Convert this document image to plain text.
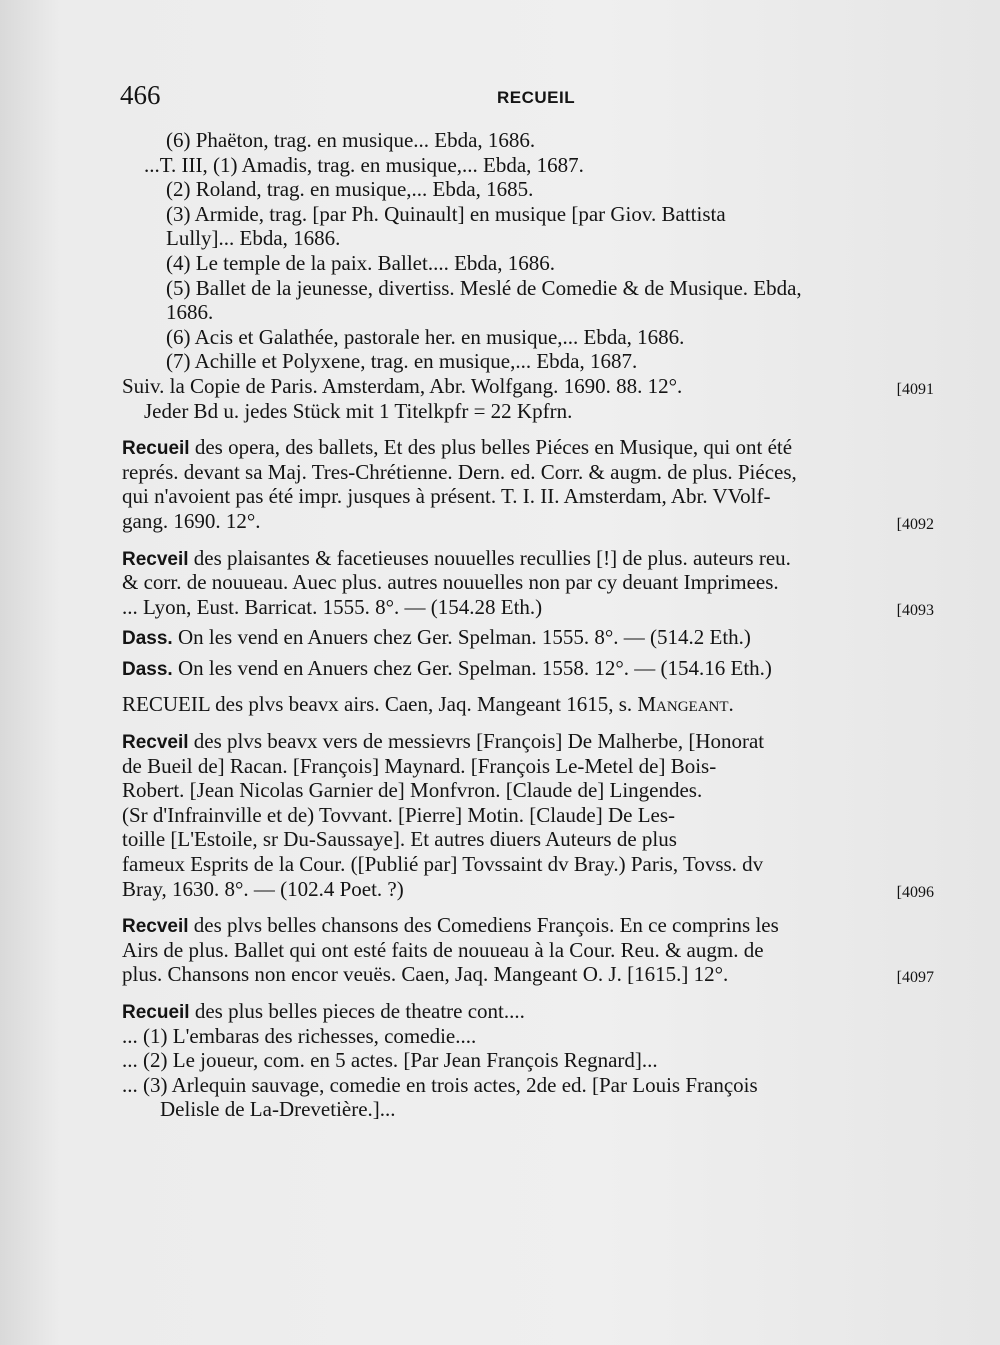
466	RECUEIL
(6) Phaëton, trag. en musique... Ebda, 1686.
...T. III, (1) Amadis, trag. en musique,... Ebda, 1687.
(2) Roland, trag. en musique,... Ebda, 1685.
(3) Armide, trag. [par Ph. Quinault] en musique [par Giov. Battista
Lully]... Ebda, 1686.
(4) Le temple de la paix. Ballet.... Ebda, 1686.
(5) Ballet de la jeunesse, divertiss. Meslé de Comedie & de Musique. Ebda,
1686.
(6) Acis et Galathée, pastorale her. en musique,... Ebda, 1686.
(7) Achille et Polyxene, trag. en musique,... Ebda, 1687.
Suiv. la Copie de Paris. Amsterdam, Abr. Wolfgang. 1690. 88. 12°.	[4091
Jeder Bd u. jedes Stück mit 1 Titelkpfr = 22 Kpfrn.
Recueil des opera, des ballets, Et des plus belles Piéces en Musique, qui ont été
représ. devant sa Maj. Tres-Chrétienne. Dern. ed. Corr. & augm. de plus. Piéces,
qui n'avoient pas été impr. jusques à présent. T. I. II. Amsterdam, Abr. VVolf-
gang. 1690. 12°.	[4092
Recveil des plaisantes & facetieuses nouuelles recullies [!] de plus. auteurs reu.
& corr. de nouueau. Auec plus. autres nouuelles non par cy deuant Imprimees.
... Lyon, Eust. Barricat. 1555. 8°. — (154.28 Eth.)	[4093
Dass. On les vend en Anuers chez Ger. Spelman. 1555. 8°. — (514.2 Eth.)
Dass. On les vend en Anuers chez Ger. Spelman. 1558. 12°. — (154.16 Eth.)
RECUEIL des plvs beavx airs. Caen, Jaq. Mangeant 1615, s. Mangeant.
Recveil des plvs beavx vers de messievrs [François] De Malherbe, [Honorat
de Bueil de] Racan. [François] Maynard. [François Le-Metel de] Bois-
Robert. [Jean Nicolas Garnier de] Monfvron. [Claude de] Lingendes.
(Sr d'Infrainville et de) Tovvant. [Pierre] Motin. [Claude] De Les-
toille [L'Estoile, sr Du-Saussaye]. Et autres diuers Auteurs de plus
fameux Esprits de la Cour. ([Publié par] Tovssaint dv Bray.) Paris, Tovss. dv
Bray, 1630. 8°. — (102.4 Poet. ?)	[4096
Recveil des plvs belles chansons des Comediens François. En ce comprins les
Airs de plus. Ballet qui ont esté faits de nouueau à la Cour. Reu. & augm. de
plus. Chansons non encor veuës. Caen, Jaq. Mangeant O. J. [1615.] 12°.	[4097
Recueil des plus belles pieces de theatre cont....
... (1) L'embaras des richesses, comedie....
... (2) Le joueur, com. en 5 actes. [Par Jean François Regnard]...
... (3) Arlequin sauvage, comedie en trois actes, 2de ed. [Par Louis François
Delisle de La-Drevetière.]...
